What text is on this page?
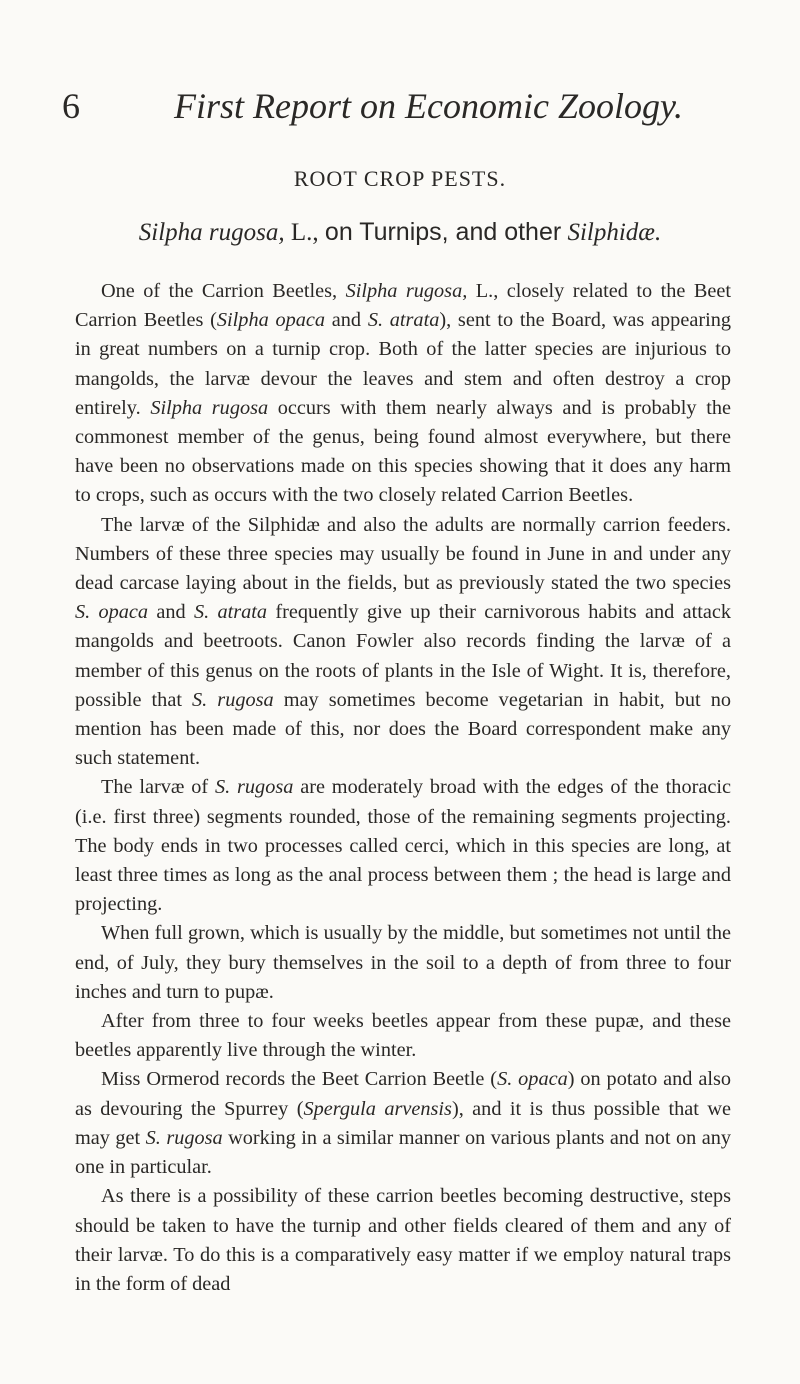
6	First Report on Economic Zoology.
ROOT CROP PESTS.
Silpha rugosa, L., on Turnips, and other Silphidæ.

One of the Carrion Beetles, Silpha rugosa, L., closely related to the Beet Carrion Beetles (Silpha opaca and S. atrata), sent to the Board, was appearing in great numbers on a turnip crop. Both of the latter species are injurious to mangolds, the larvæ devour the leaves and stem and often destroy a crop entirely. Silpha rugosa occurs with them nearly always and is probably the commonest member of the genus, being found almost everywhere, but there have been no observations made on this species showing that it does any harm to crops, such as occurs with the two closely related Carrion Beetles.

The larvæ of the Silphidæ and also the adults are normally carrion feeders. Numbers of these three species may usually be found in June in and under any dead carcase laying about in the fields, but as previously stated the two species S. opaca and S. atrata frequently give up their carnivorous habits and attack mangolds and beetroots. Canon Fowler also records finding the larvæ of a member of this genus on the roots of plants in the Isle of Wight. It is, therefore, possible that S. rugosa may sometimes become vegetarian in habit, but no mention has been made of this, nor does the Board correspondent make any such statement.

The larvæ of S. rugosa are moderately broad with the edges of the thoracic (i.e. first three) segments rounded, those of the remaining segments projecting. The body ends in two processes called cerci, which in this species are long, at least three times as long as the anal process between them ; the head is large and projecting.

When full grown, which is usually by the middle, but sometimes not until the end, of July, they bury themselves in the soil to a depth of from three to four inches and turn to pupæ.

After from three to four weeks beetles appear from these pupæ, and these beetles apparently live through the winter.

Miss Ormerod records the Beet Carrion Beetle (S. opaca) on potato and also as devouring the Spurrey (Spergula arvensis), and it is thus possible that we may get S. rugosa working in a similar manner on various plants and not on any one in particular.

As there is a possibility of these carrion beetles becoming destructive, steps should be taken to have the turnip and other fields cleared of them and any of their larvæ. To do this is a comparatively easy matter if we employ natural traps in the form of dead
